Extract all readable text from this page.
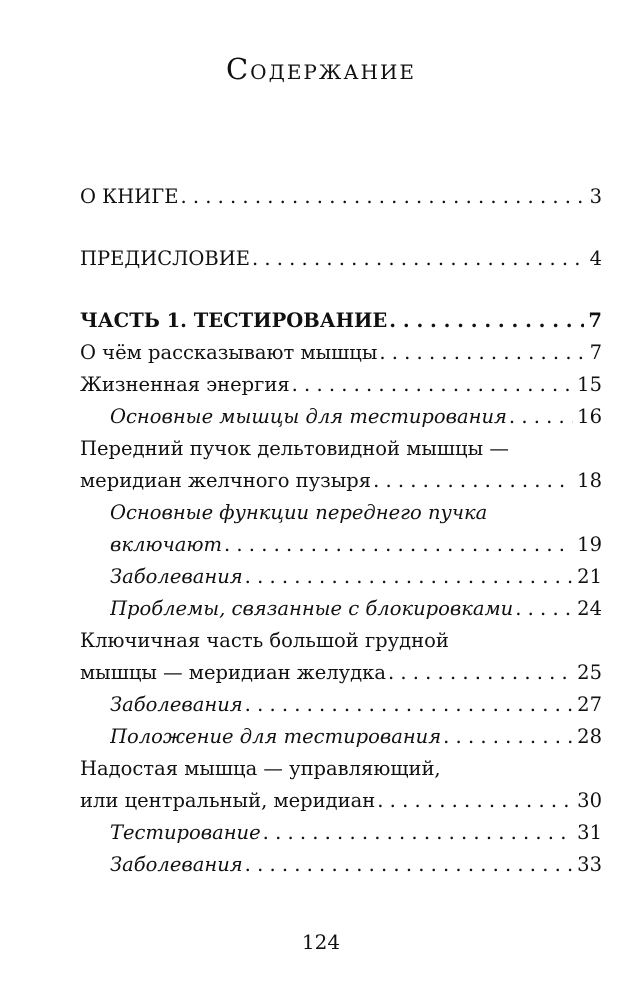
Содержание
О КНИГЕ . . .	3
ПРЕДИСЛОВИЕ . . .	4
ЧАСТЬ 1. ТЕСТИРОВАНИЕ . . .	7
О чём рассказывают мышцы . . .	7
Жизненная энергия . . .	15
Основные мышцы для тестирования . . .	16
Передний пучок дельтовидной мышцы —
меридиан желчного пузыря . . .	18
Основные функции переднего пучка
включают . . .	19
Заболевания . . .	21
Проблемы, связанные с блокировками . . .	24
Ключичная часть большой грудной
мышцы — меридиан желудка . . .	25
Заболевания . . .	27
Положение для тестирования . . .	28
Надостая мышца — управляющий,
или центральный, меридиан . . .	30
Тестирование . . .	31
Заболевания . . .	33
124
